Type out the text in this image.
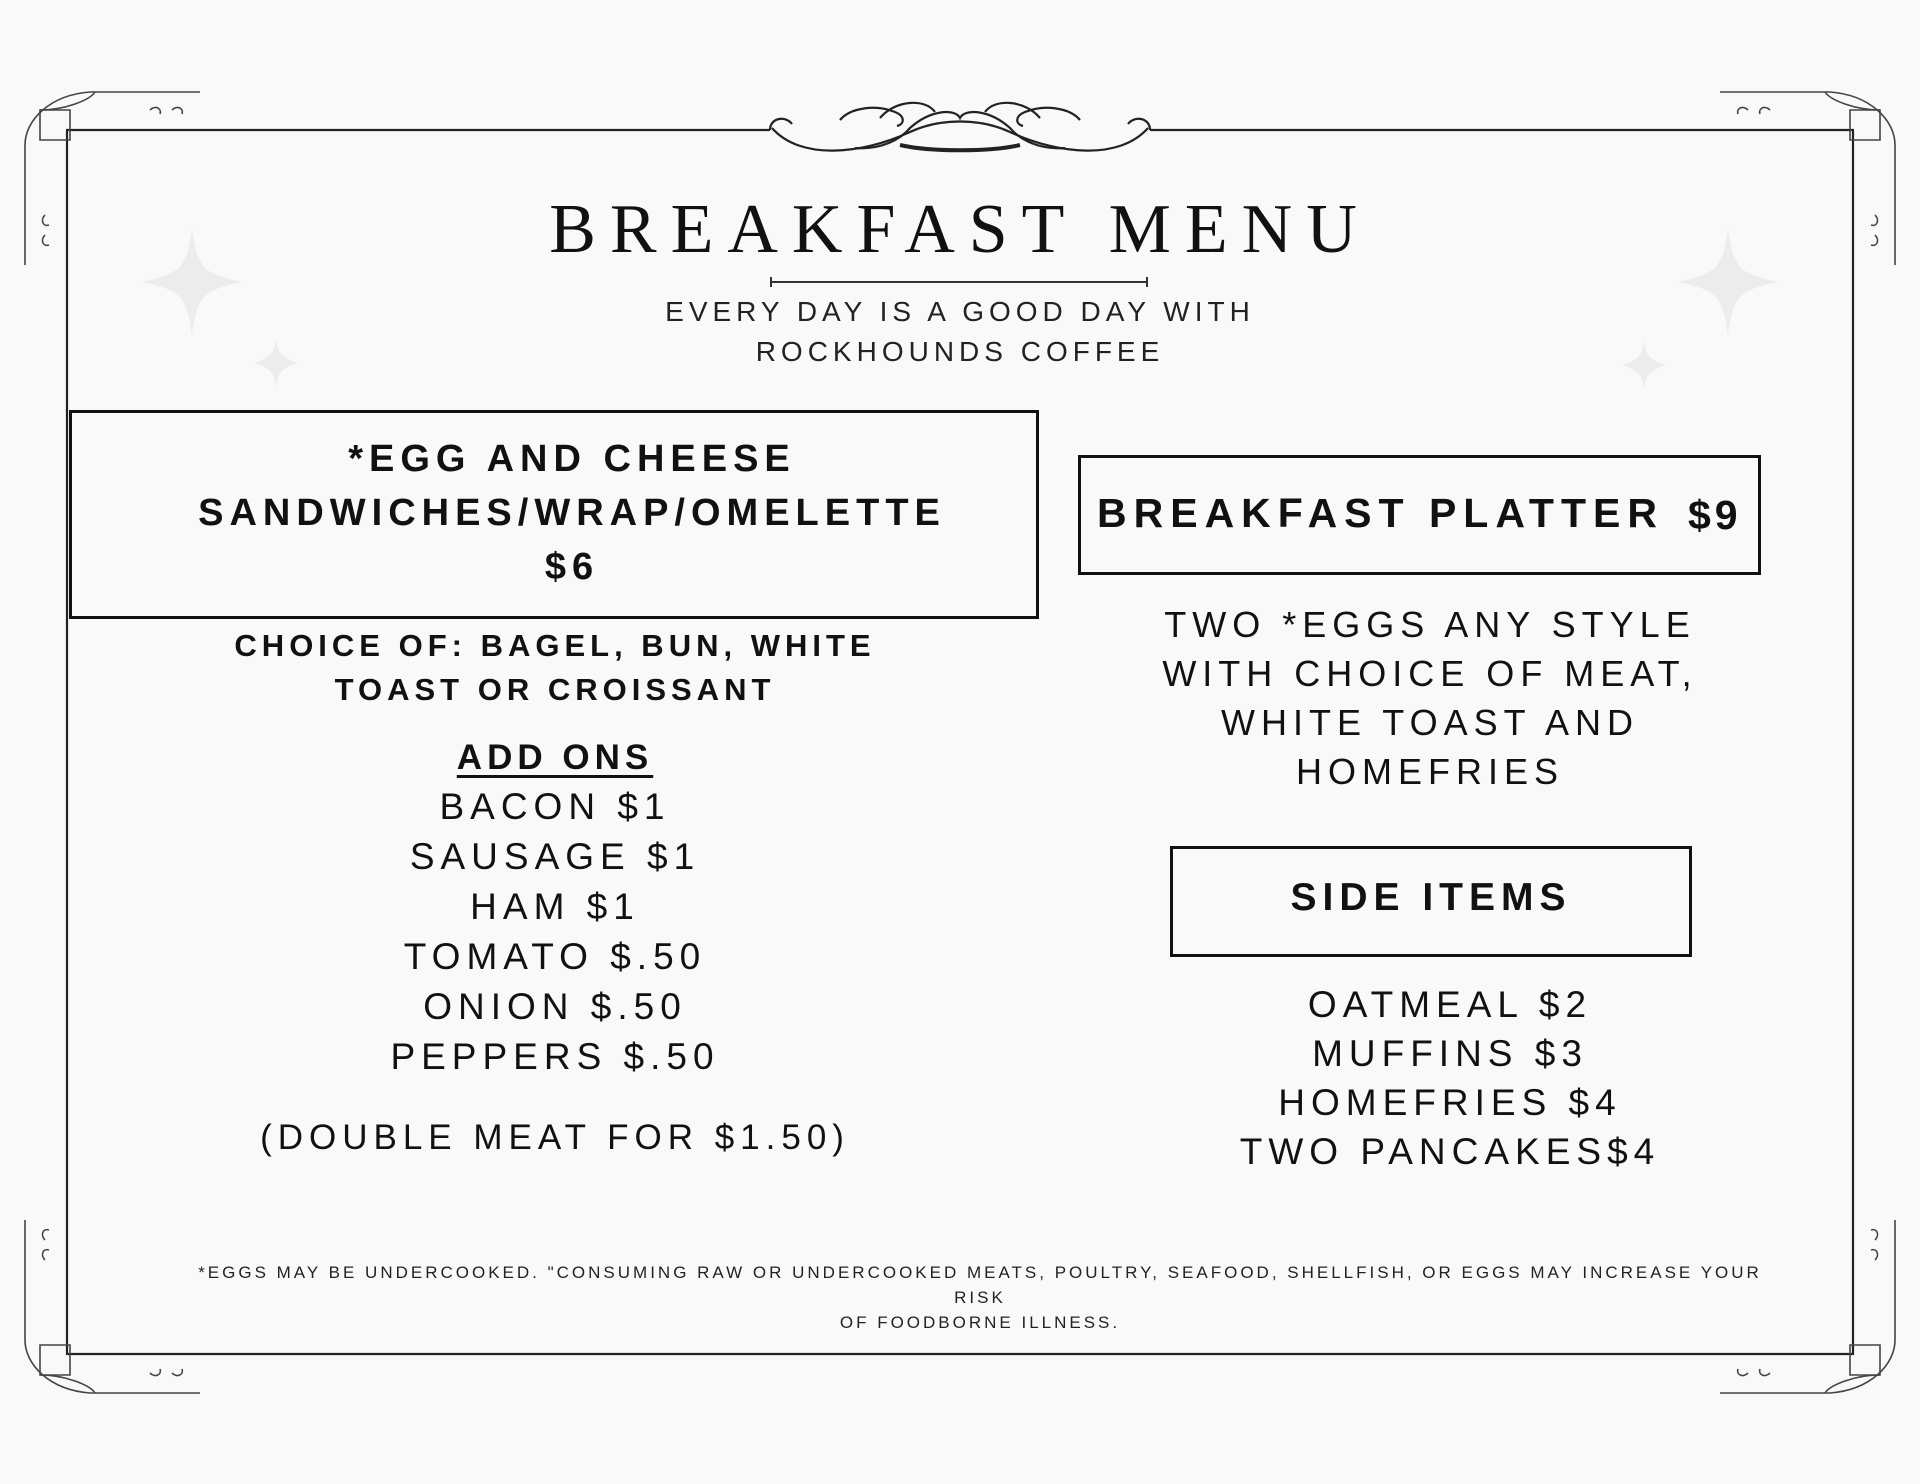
BREAKFAST MENU
EVERY DAY IS A GOOD DAY WITH
ROCKHOUNDS COFFEE
*EGG AND CHEESE
SANDWICHES/WRAP/OMELETTE
$6
CHOICE OF: BAGEL, BUN, WHITE
TOAST OR CROISSANT
ADD ONS
BACON $1
SAUSAGE $1
HAM $1
TOMATO $.50
ONION $.50
PEPPERS $.50
(DOUBLE MEAT FOR $1.50)
BREAKFAST PLATTER $9
TWO *EGGS ANY STYLE
WITH CHOICE OF MEAT,
WHITE TOAST AND
HOMEFRIES
SIDE ITEMS
OATMEAL $2
MUFFINS $3
HOMEFRIES $4
TWO PANCAKES$4
*EGGS MAY BE UNDERCOOKED. "CONSUMING RAW OR UNDERCOOKED MEATS, POULTRY, SEAFOOD, SHELLFISH, OR EGGS MAY INCREASE YOUR RISK
OF FOODBORNE ILLNESS.
